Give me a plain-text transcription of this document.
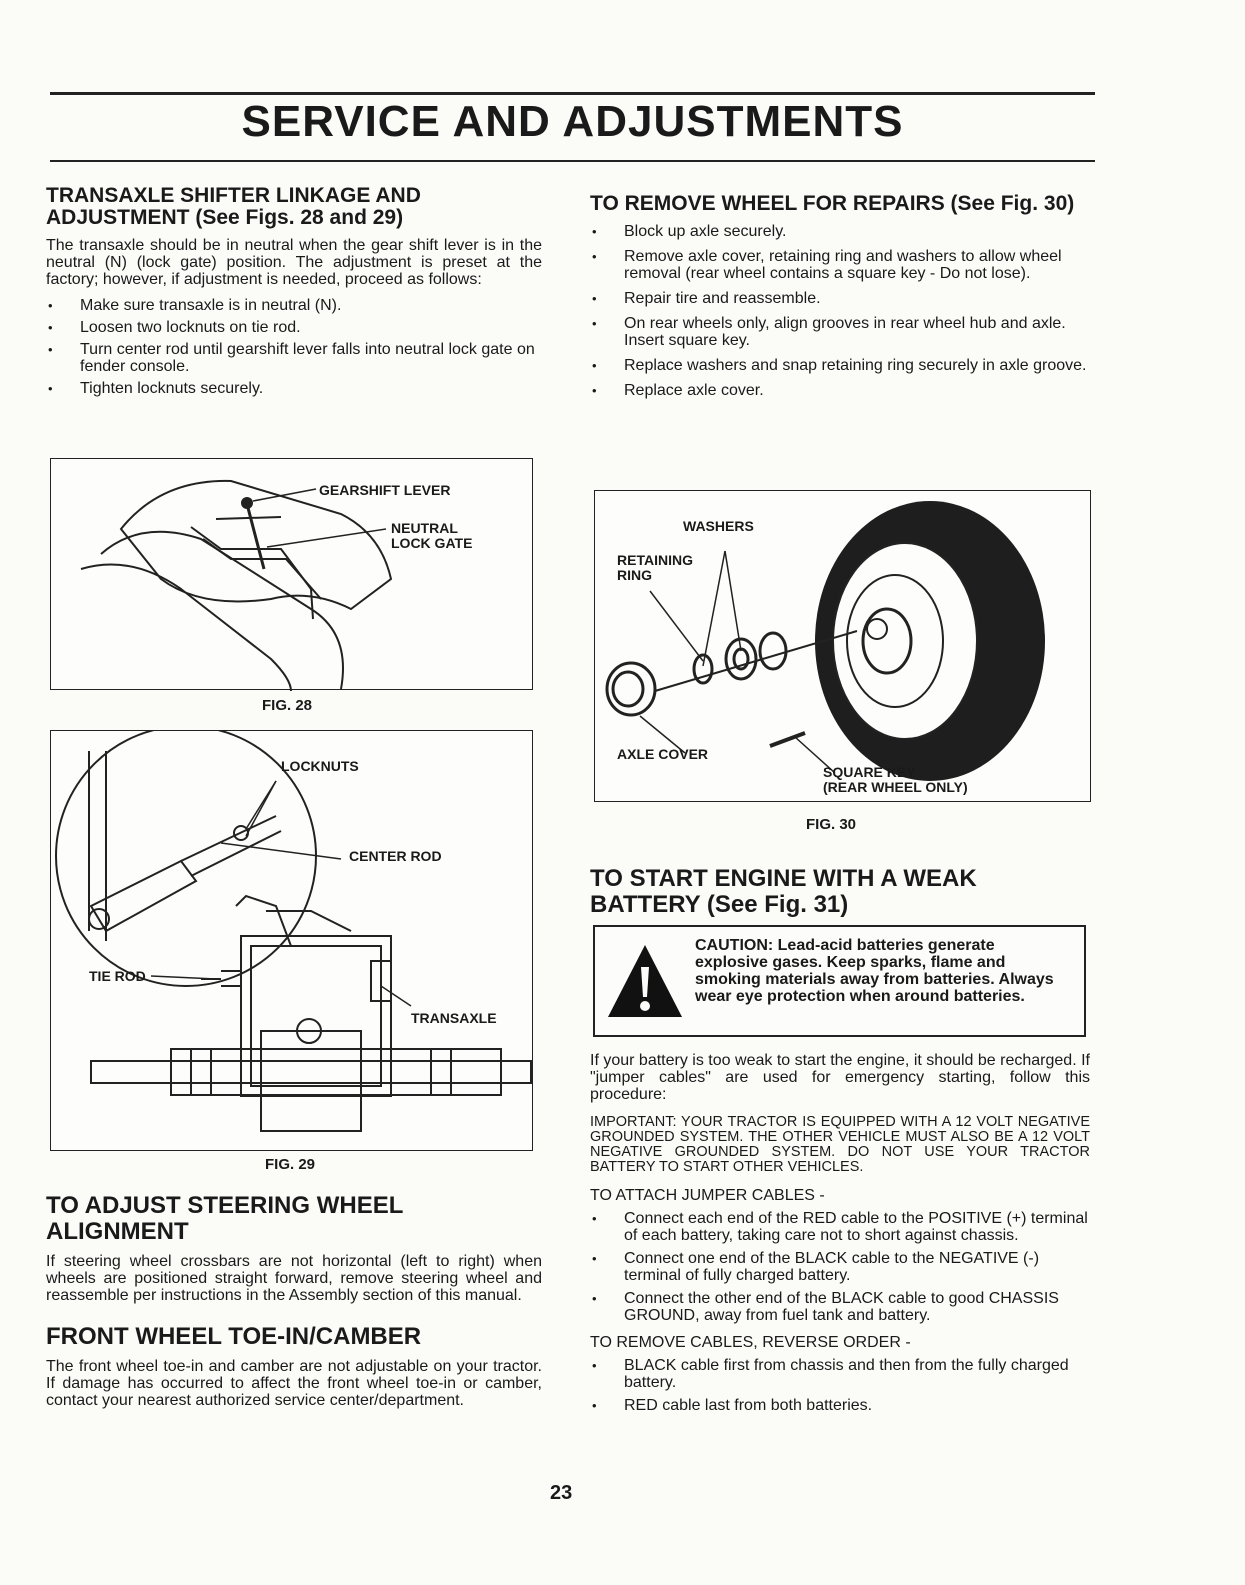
SERVICE AND ADJUSTMENTS
TRANSAXLE SHIFTER LINKAGE AND ADJUSTMENT (See Figs. 28 and 29)

The transaxle should be in neutral when the gear shift lever is in the neutral (N) (lock gate) position. The adjustment is preset at the factory; however, if adjustment is needed, proceed as follows:

• Make sure transaxle is in neutral (N).
• Loosen two locknuts on tie rod.
• Turn center rod until gearshift lever falls into neutral lock gate on fender console.
• Tighten locknuts securely.
GEARSHIFT LEVER
NEUTRAL
LOCK GATE
FIG. 28
LOCKNUTS
CENTER ROD
TIE ROD
TRANSAXLE
FIG. 29
TO ADJUST STEERING WHEEL ALIGNMENT

If steering wheel crossbars are not horizontal (left to right) when wheels are positioned straight forward, remove steering wheel and reassemble per instructions in the Assembly section of this manual.

FRONT WHEEL TOE-IN/CAMBER

The front wheel toe-in and camber are not adjustable on your tractor. If damage has occurred to affect the front wheel toe-in or camber, contact your nearest authorized service center/department.

TO REMOVE WHEEL FOR REPAIRS (See Fig. 30)
• Block up axle securely.
• Remove axle cover, retaining ring and washers to allow wheel removal (rear wheel contains a square key - Do not lose).
• Repair tire and reassemble.
• On rear wheels only, align grooves in rear wheel hub and axle. Insert square key.
• Replace washers and snap retaining ring securely in axle groove.
• Replace axle cover.
WASHERS
RETAINING
RING
AXLE COVER
SQUARE KEY
(REAR WHEEL ONLY)
FIG. 30
TO START ENGINE WITH A WEAK BATTERY (See Fig. 31)
CAUTION: Lead-acid batteries generate explosive gases. Keep sparks, flame and smoking materials away from batteries. Always wear eye protection when around batteries.

If your battery is too weak to start the engine, it should be recharged. If "jumper cables" are used for emergency starting, follow this procedure:

IMPORTANT: YOUR TRACTOR IS EQUIPPED WITH A 12 VOLT NEGATIVE GROUNDED SYSTEM. THE OTHER VEHICLE MUST ALSO BE A 12 VOLT NEGATIVE GROUNDED SYSTEM. DO NOT USE YOUR TRACTOR BATTERY TO START OTHER VEHICLES.

TO ATTACH JUMPER CABLES -

• Connect each end of the RED cable to the POSITIVE (+) terminal of each battery, taking care not to short against chassis.
• Connect one end of the BLACK cable to the NEGATIVE (-) terminal of fully charged battery.
• Connect the other end of the BLACK cable to good CHASSIS GROUND, away from fuel tank and battery.

TO REMOVE CABLES, REVERSE ORDER -

• BLACK cable first from chassis and then from the fully charged battery.
• RED cable last from both batteries.
23
